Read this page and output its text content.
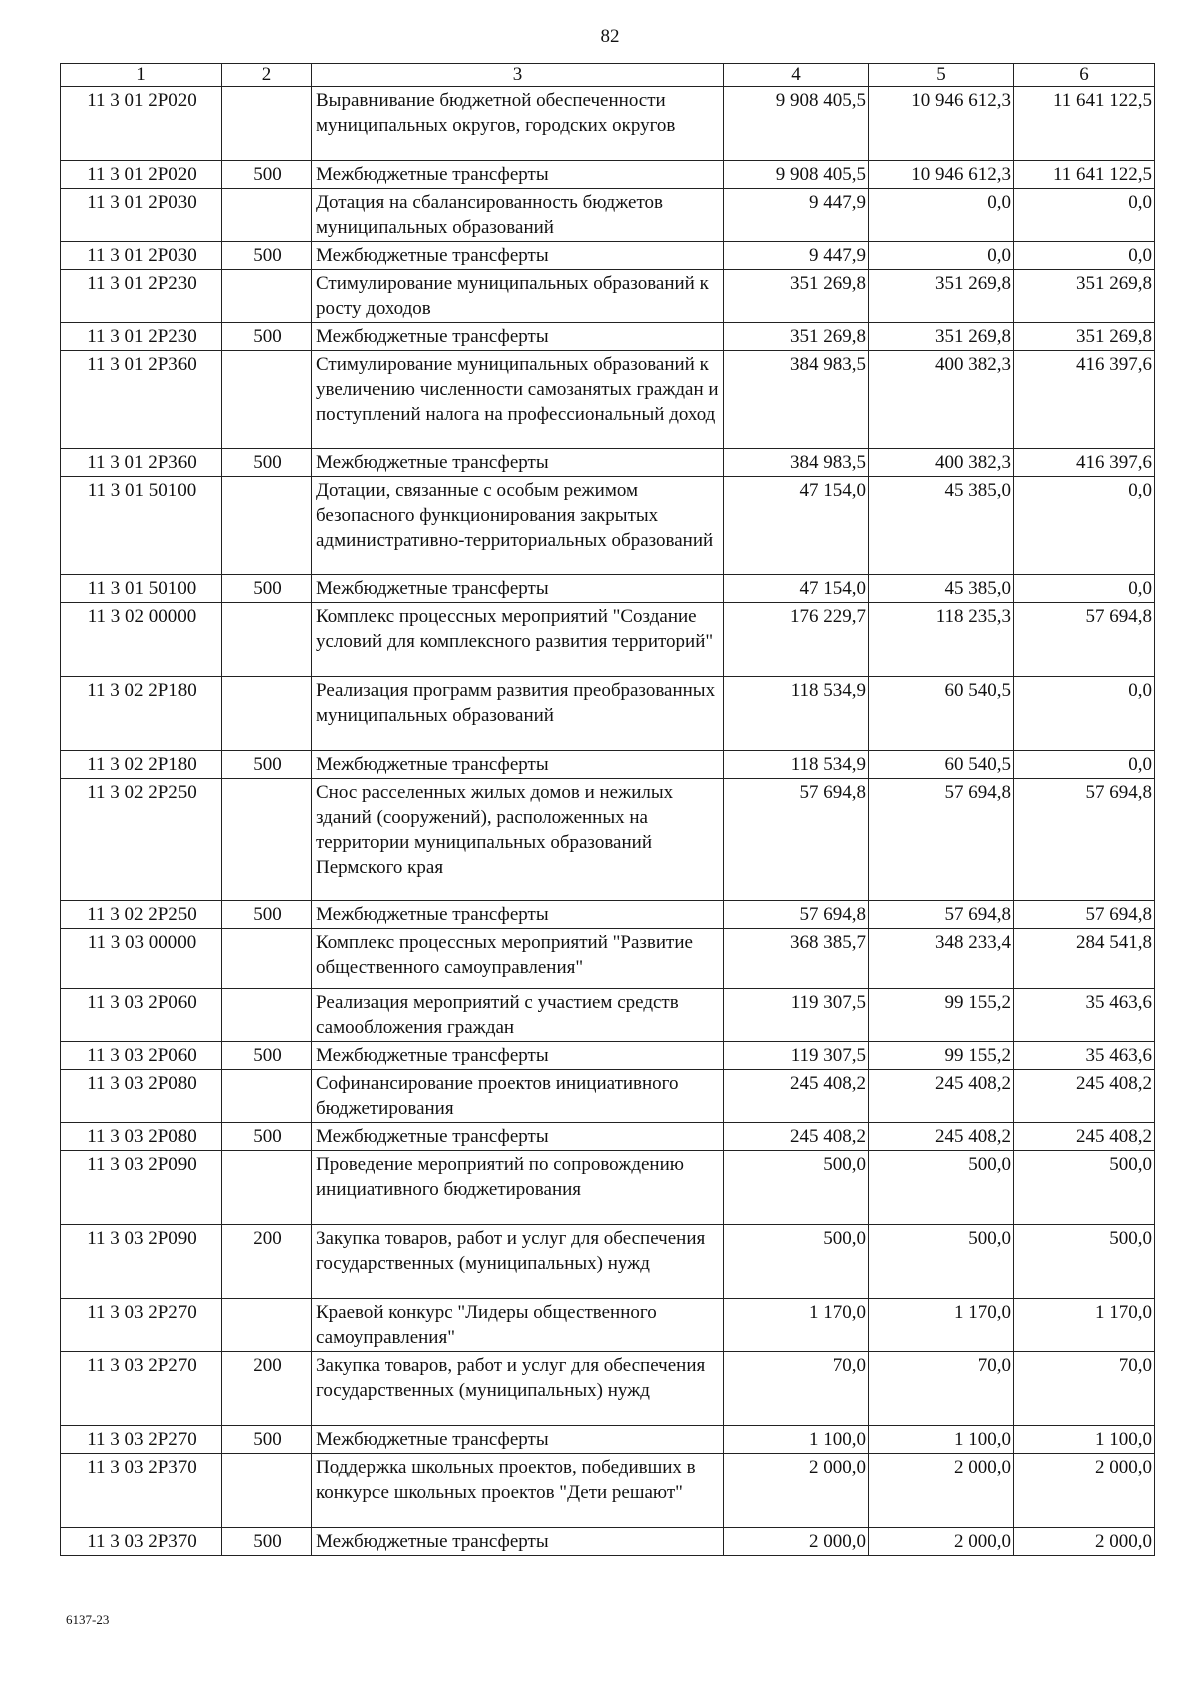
82
1	2	3	4	5	6
11 3 01 2P020		Выравнивание бюджетной обеспеченности муниципальных округов, городских округов	9 908 405,5	10 946 612,3	11 641 122,5
11 3 01 2P020	500	Межбюджетные трансферты	9 908 405,5	10 946 612,3	11 641 122,5
11 3 01 2P030		Дотация на сбалансированность бюджетов муниципальных образований	9 447,9	0,0	0,0
11 3 01 2P030	500	Межбюджетные трансферты	9 447,9	0,0	0,0
11 3 01 2P230		Стимулирование муниципальных образований к росту доходов	351 269,8	351 269,8	351 269,8
11 3 01 2P230	500	Межбюджетные трансферты	351 269,8	351 269,8	351 269,8
11 3 01 2P360		Стимулирование муниципальных образований к увеличению численности самозанятых граждан и поступлений налога на профессиональный доход	384 983,5	400 382,3	416 397,6
11 3 01 2P360	500	Межбюджетные трансферты	384 983,5	400 382,3	416 397,6
11 3 01 50100		Дотации, связанные с особым режимом безопасного функционирования закрытых административно-территориальных образований	47 154,0	45 385,0	0,0
11 3 01 50100	500	Межбюджетные трансферты	47 154,0	45 385,0	0,0
11 3 02 00000		Комплекс процессных мероприятий "Создание условий для комплексного развития территорий"	176 229,7	118 235,3	57 694,8
11 3 02 2P180		Реализация программ развития преобразованных муниципальных образований	118 534,9	60 540,5	0,0
11 3 02 2P180	500	Межбюджетные трансферты	118 534,9	60 540,5	0,0
11 3 02 2P250		Снос расселенных жилых домов и нежилых зданий (сооружений), расположенных на территории муниципальных образований Пермского края	57 694,8	57 694,8	57 694,8
11 3 02 2P250	500	Межбюджетные трансферты	57 694,8	57 694,8	57 694,8
11 3 03 00000		Комплекс процессных мероприятий "Развитие общественного самоуправления"	368 385,7	348 233,4	284 541,8
11 3 03 2P060		Реализация мероприятий с участием средств самообложения граждан	119 307,5	99 155,2	35 463,6
11 3 03 2P060	500	Межбюджетные трансферты	119 307,5	99 155,2	35 463,6
11 3 03 2P080		Софинансирование проектов инициативного бюджетирования	245 408,2	245 408,2	245 408,2
11 3 03 2P080	500	Межбюджетные трансферты	245 408,2	245 408,2	245 408,2
11 3 03 2P090		Проведение мероприятий по сопровождению инициативного бюджетирования	500,0	500,0	500,0
11 3 03 2P090	200	Закупка товаров, работ и услуг для обеспечения государственных (муниципальных) нужд	500,0	500,0	500,0
11 3 03 2P270		Краевой конкурс "Лидеры общественного самоуправления"	1 170,0	1 170,0	1 170,0
11 3 03 2P270	200	Закупка товаров, работ и услуг для обеспечения государственных (муниципальных) нужд	70,0	70,0	70,0
11 3 03 2P270	500	Межбюджетные трансферты	1 100,0	1 100,0	1 100,0
11 3 03 2P370		Поддержка школьных проектов, победивших в конкурсе школьных проектов "Дети решают"	2 000,0	2 000,0	2 000,0
11 3 03 2P370	500	Межбюджетные трансферты	2 000,0	2 000,0	2 000,0
6137-23
